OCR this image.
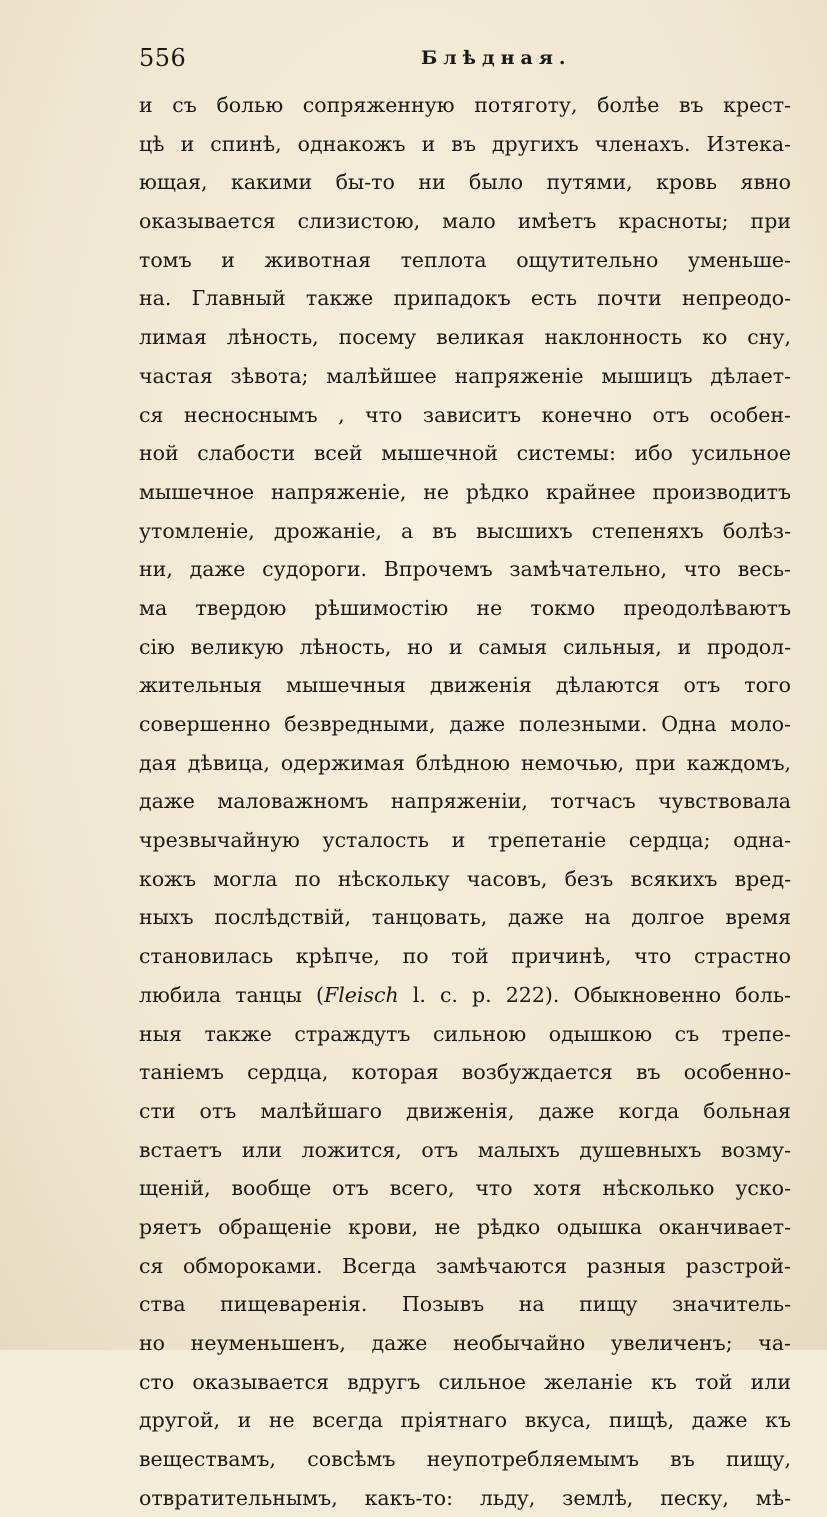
556	Блѣдная.
и съ болью сопряженную потяготу, болѣе въ крест-
цѣ и спинѣ, однакожъ и въ другихъ членахъ. Изтека-
ющая, какими бы-то ни было путями, кровь явно
оказывается слизистою, мало имѣетъ красноты; при
томъ и животная теплота ощутительно уменьше-
на. Главный также припадокъ есть почти непреодо-
лимая лѣность, посему великая наклонность ко сну,
частая зѣвота; малѣйшее напряженіе мышицъ дѣлает-
ся несноснымъ , что зависитъ конечно отъ особен-
ной слабости всей мышечной системы: ибо усильное
мышечное напряженіе, не рѣдко крайнее производитъ
утомленіе, дрожаніе, а въ высшихъ степеняхъ болѣз-
ни, даже судороги. Впрочемъ замѣчательно, что весь-
ма твердою рѣшимостію не токмо преодолѣваютъ
сію великую лѣность, но и самыя сильныя, и продол-
жительныя мышечныя движенія дѣлаются отъ того
совершенно безвредными, даже полезными. Одна моло-
дая дѣвица, одержимая блѣдною немочью, при каждомъ,
даже маловажномъ напряженіи, тотчасъ чувствовала
чрезвычайную усталость и трепетаніе сердца; одна-
кожъ могла по нѣскольку часовъ, безъ всякихъ вред-
ныхъ послѣдствій, танцовать, даже на долгое время
становилась крѣпче, по той причинѣ, что страстно
любила танцы (Fleisch l. c. p. 222). Обыкновенно боль-
ныя также страждутъ сильною одышкою съ трепе-
таніемъ сердца, которая возбуждается въ особенно-
сти отъ малѣйшаго движенія, даже когда больная
встаетъ или ложится, отъ малыхъ душевныхъ возму-
щеній, вообще отъ всего, что хотя нѣсколько уско-
ряетъ обращеніе крови, не рѣдко одышка оканчивает-
ся обмороками. Всегда замѣчаются разныя разстрой-
ства пищеваренія. Позывъ на пищу значитель-
но неуменьшенъ, даже необычайно увеличенъ; ча-
сто оказывается вдругъ сильное желаніе къ той или
другой, и не всегда пріятнаго вкуса, пищѣ, даже къ
веществамъ, совсѣмъ неупотребляемымъ въ пищу,
отвратительнымъ, какъ-то: льду, землѣ, песку, мѣ-
